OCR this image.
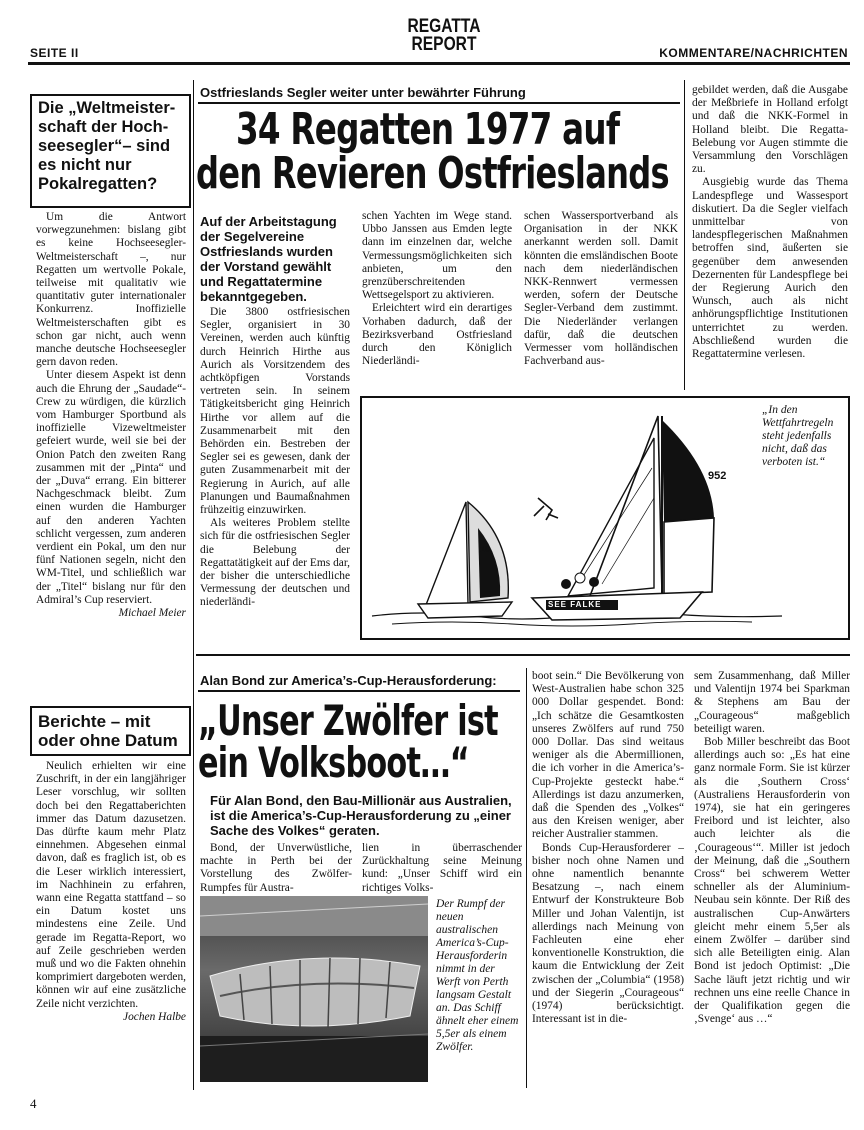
SEITE II
REGATTA
REPORT	KOMMENTARE/NACHRICHTEN
Die „Weltmeister-schaft der Hoch-seesegler“– sind es nicht nur Pokalregatten?

Um die Antwort vorwegzunehmen: bislang gibt es keine Hochseesegler-Weltmeisterschaft –, nur Regatten um wertvolle Pokale, teilweise mit qualitativ wie quantitativ guter internationaler Konkurrenz. Inoffizielle Weltmeisterschaften gibt es schon gar nicht, auch wenn manche deutsche Hochseesegler gern davon reden.

Unter diesem Aspekt ist denn auch die Ehrung der „Saudade“-Crew zu würdigen, die kürzlich vom Hamburger Sportbund als inoffizielle Vizeweltmeister gefeiert wurde, weil sie bei der Onion Patch den zweiten Rang zusammen mit der „Pinta“ und der „Duva“ errang. Ein bitterer Nachgeschmack bleibt. Zum einen wurden die Hamburger auf den anderen Yachten schlicht vergessen, zum anderen verdient ein Pokal, um den nur fünf Nationen segeln, nicht den WM-Titel, und schließlich war der „Titel“ bislang nur für den Admiral’s Cup reserviert.

Michael Meier

Berichte – mit oder ohne Datum

Neulich erhielten wir eine Zuschrift, in der ein langjähriger Leser vorschlug, wir sollten doch bei den Regattaberichten immer das Datum dazusetzen. Das dürfte kaum mehr Platz einnehmen. Abgesehen einmal davon, daß es fraglich ist, ob es die Leser wirklich interessiert, im Nachhinein zu erfahren, wann eine Regatta stattfand – so ein Datum kostet uns mindestens eine Zeile. Und gerade im Regatta-Report, wo auf Zeile geschrieben werden muß und wo die Fakten ohnehin komprimiert dargeboten werden, können wir auf eine zusätzliche Zeile nicht verzichten.

Jochen Halbe

Ostfrieslands Segler weiter unter bewährter Führung
34 Regatten 1977 auf
den Revieren Ostfrieslands
Auf der Arbeitstagung der Segelvereine Ostfrieslands wurden der Vorstand gewählt und Regattatermine bekanntgegeben.

Die 3800 ostfriesischen Segler, organisiert in 30 Vereinen, werden auch künftig durch Heinrich Hirthe aus Aurich als Vorsitzendem des achtköpfigen Vorstands vertreten sein. In seinem Tätigkeitsbericht ging Heinrich Hirthe vor allem auf die Zusammenarbeit mit den Behörden ein. Bestreben der Segler sei es gewesen, dank der guten Zusammenarbeit mit der Regierung in Aurich, auf alle Planungen und Baumaßnahmen frühzeitig einzuwirken.

Als weiteres Problem stellte sich für die ostfriesischen Segler die Belebung der Regattatätigkeit auf der Ems dar, der bisher die unterschiedliche Vermessung der deutschen und niederländi-

schen Yachten im Wege stand. Ubbo Janssen aus Emden legte dann im einzelnen dar, welche Vermessungsmöglichkeiten sich anbieten, um den grenzüberschreitenden Wettsegelsport zu aktivieren.

Erleichtert wird ein derartiges Vorhaben dadurch, daß der Bezirksverband Ostfriesland durch den Königlich Niederländi-

schen Wassersportverband als Organisation in der NKK anerkannt werden soll. Damit könnten die emsländischen Boote nach dem niederländischen NKK-Rennwert vermessen werden, sofern der Deutsche Segler-Verband dem zustimmt. Die Niederländer verlangen dafür, daß die deutschen Vermesser vom holländischen Fachverband aus-

gebildet werden, daß die Ausgabe der Meßbriefe in Holland erfolgt und daß die NKK-Formel in Holland bleibt. Die Regatta-Belebung vor Augen stimmte die Versammlung den Vorschlägen zu.

Ausgiebig wurde das Thema Landespflege und Wassesport diskutiert. Da die Segler vielfach unmittelbar von landespflegerischen Maßnahmen betroffen sind, äußerten sie gegenüber dem anwesenden Dezernenten für Landespflege bei der Regierung Aurich den Wunsch, auch als nicht anhörungspflichtige Institutionen unterrichtet zu werden. Abschließend wurden die Regattatermine verlesen.

952
10
SEE FALKE
„In den Wettfahrtregeln steht jedenfalls nicht, daß das verboten ist.“
Alan Bond zur America’s-Cup-Herausforderung:
„Unser Zwölfer ist
ein Volksboot…“
Für Alan Bond, den Bau-Millionär aus Australien, ist die America’s-Cup-Herausforderung zu „einer Sache des Volkes“ geraten.

Bond, der Unverwüstliche, machte in Perth bei der Vorstellung des Zwölfer-Rumpfes für Austra-

lien in überraschender Zurückhaltung seine Meinung kund: „Unser Schiff wird ein richtiges Volks-

Der Rumpf der neuen australischen America’s-Cup-Herausforderin nimmt in der Werft von Perth langsam Gestalt an. Das Schiff ähnelt eher einem 5,5er als einem Zwölfer.

boot sein.“ Die Bevölkerung von West-Australien habe schon 325 000 Dollar gespendet. Bond: „Ich schätze die Gesamtkosten unseres Zwölfers auf rund 750 000 Dollar. Das sind weitaus weniger als die Abermillionen, die ich vorher in die America’s-Cup-Projekte gesteckt habe.“ Allerdings ist dazu anzumerken, daß die Spenden des „Volkes“ aus den Kreisen weniger, aber reicher Australier stammen.

Bonds Cup-Herausforderer – bisher noch ohne Namen und ohne namentlich benannte Besatzung –, nach einem Entwurf der Konstrukteure Bob Miller und Johan Valentijn, ist allerdings nach Meinung von Fachleuten eine eher konventionelle Konstruktion, die kaum die Entwicklung der Zeit zwischen der „Columbia“ (1958) und der Siegerin „Courageous“ (1974) berücksichtigt. Interessant ist in die-

sem Zusammenhang, daß Miller und Valentijn 1974 bei Sparkman & Stephens am Bau der „Courageous“ maßgeblich beteiligt waren.

Bob Miller beschreibt das Boot allerdings auch so: „Es hat eine ganz normale Form. Sie ist kürzer als die ‚Southern Cross‘ (Australiens Herausforderin von 1974), sie hat ein geringeres Freibord und ist leichter, also auch leichter als die ‚Courageous‘“. Miller ist jedoch der Meinung, daß die „Southern Cross“ bei schwerem Wetter schneller als der Aluminium-Neubau sein könnte. Der Riß des australischen Cup-Anwärters gleicht mehr einem 5,5er als einem Zwölfer – darüber sind sich alle Beteiligten einig. Alan Bond ist jedoch Optimist: „Die Sache läuft jetzt richtig und wir rechnen uns eine reelle Chance in der Qualifikation gegen die ‚Svenge‘ aus …“

4
